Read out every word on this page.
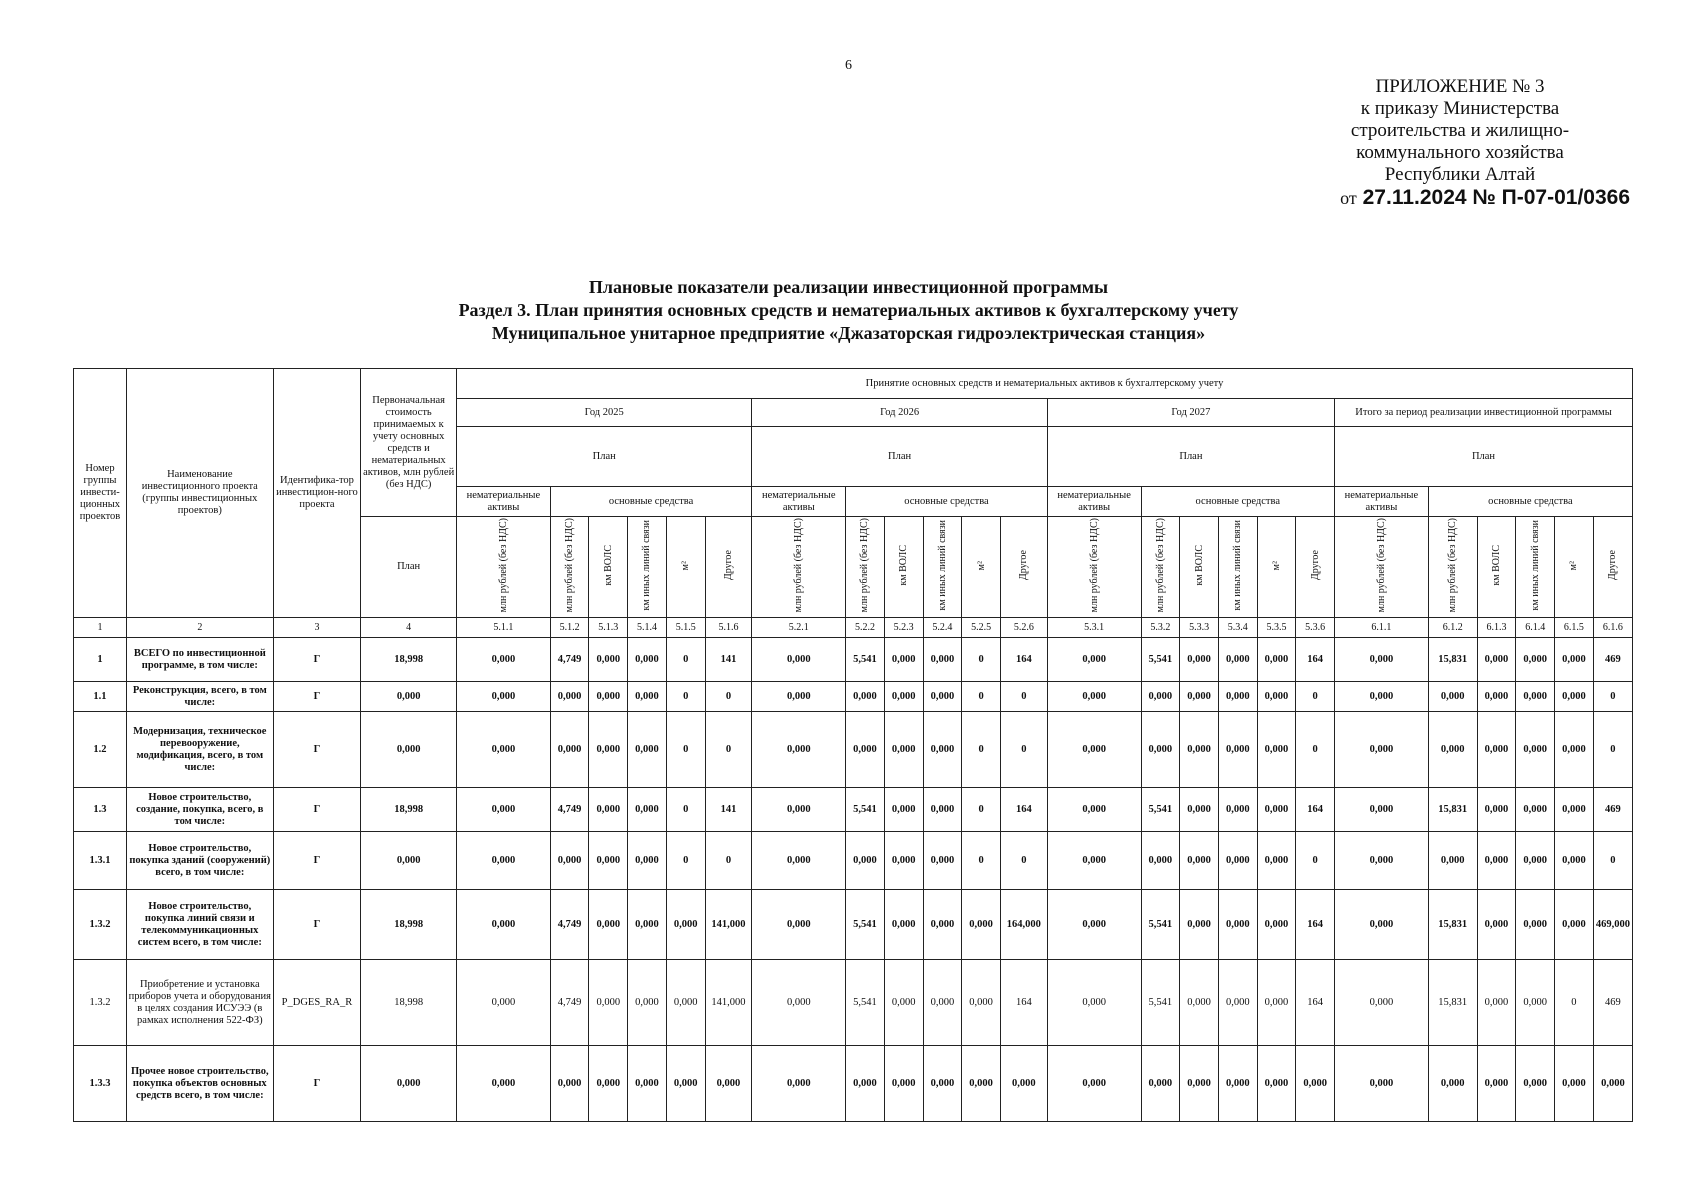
6
ПРИЛОЖЕНИЕ № 3
к приказу Министерства
строительства и жилищно-
коммунального хозяйства
Республики Алтай
от 27.11.2024 № П-07-01/0366
Плановые показатели реализации инвестиционной программы
Раздел 3. План принятия основных средств и нематериальных активов к бухгалтерскому учету
Муниципальное унитарное предприятие «Джазаторская гидроэлектрическая станция»
Номер группы инвести-ционных проектов	Наименование инвестиционного проекта (группы инвестиционных проектов)	Идентифика-тор инвестицион-ного проекта	Первоначальная стоимость принимаемых к учету основных средств и нематериальных активов, млн рублей (без НДС)	Принятие основных средств и нематериальных активов к бухгалтерскому учету																							
				Год 2025						Год 2026						Год 2027						Итого за период реализации инвестиционной программы					
				План						План						План						План					
				нематериальные активы	основные средства					нематериальные активы	основные средства					нематериальные активы	основные средства					нематериальные активы	основные средства				
			План	млн рублей (без НДС)	млн рублей (без НДС)	км ВОЛС	км иных линий связи	м²	Другое	млн рублей (без НДС)	млн рублей (без НДС)	км ВОЛС	км иных линий связи	м²	Другое	млн рублей (без НДС)	млн рублей (без НДС)	км ВОЛС	км иных линий связи	м²	Другое	млн рублей (без НДС)	млн рублей (без НДС)	км ВОЛС	км иных линий связи	м²	Другое
1	2	3	4	5.1.1	5.1.2	5.1.3	5.1.4	5.1.5	5.1.6	5.2.1	5.2.2	5.2.3	5.2.4	5.2.5	5.2.6	5.3.1	5.3.2	5.3.3	5.3.4	5.3.5	5.3.6	6.1.1	6.1.2	6.1.3	6.1.4	6.1.5	6.1.6
1	ВСЕГО по инвестиционной программе, в том числе:	Г	18,998	0,000	4,749	0,000	0,000	0	141	0,000	5,541	0,000	0,000	0	164	0,000	5,541	0,000	0,000	0,000	164	0,000	15,831	0,000	0,000	0,000	469
1.1	Реконструкция, всего, в том числе:	Г	0,000	0,000	0,000	0,000	0,000	0	0	0,000	0,000	0,000	0,000	0	0	0,000	0,000	0,000	0,000	0,000	0	0,000	0,000	0,000	0,000	0,000	0
1.2	Модернизация, техническое перевооружение, модификация, всего, в том числе:	Г	0,000	0,000	0,000	0,000	0,000	0	0	0,000	0,000	0,000	0,000	0	0	0,000	0,000	0,000	0,000	0,000	0	0,000	0,000	0,000	0,000	0,000	0
1.3	Новое строительство, создание, покупка, всего, в том числе:	Г	18,998	0,000	4,749	0,000	0,000	0	141	0,000	5,541	0,000	0,000	0	164	0,000	5,541	0,000	0,000	0,000	164	0,000	15,831	0,000	0,000	0,000	469
1.3.1	Новое строительство, покупка зданий (сооружений) всего, в том числе:	Г	0,000	0,000	0,000	0,000	0,000	0	0	0,000	0,000	0,000	0,000	0	0	0,000	0,000	0,000	0,000	0,000	0	0,000	0,000	0,000	0,000	0,000	0
1.3.2	Новое строительство, покупка линий связи и телекоммуникационных систем всего, в том числе:	Г	18,998	0,000	4,749	0,000	0,000	0,000	141,000	0,000	5,541	0,000	0,000	0,000	164,000	0,000	5,541	0,000	0,000	0,000	164	0,000	15,831	0,000	0,000	0,000	469,000
1.3.2	Приобретение и установка приборов учета и оборудования в целях создания ИСУЭЭ (в рамках исполнения 522-ФЗ)	P_DGES_RA_R	18,998	0,000	4,749	0,000	0,000	0,000	141,000	0,000	5,541	0,000	0,000	0,000	164	0,000	5,541	0,000	0,000	0,000	164	0,000	15,831	0,000	0,000	0	469
1.3.3	Прочее новое строительство, покупка объектов основных средств всего, в том числе:	Г	0,000	0,000	0,000	0,000	0,000	0,000	0,000	0,000	0,000	0,000	0,000	0,000	0,000	0,000	0,000	0,000	0,000	0,000	0,000	0,000	0,000	0,000	0,000	0,000	0,000
